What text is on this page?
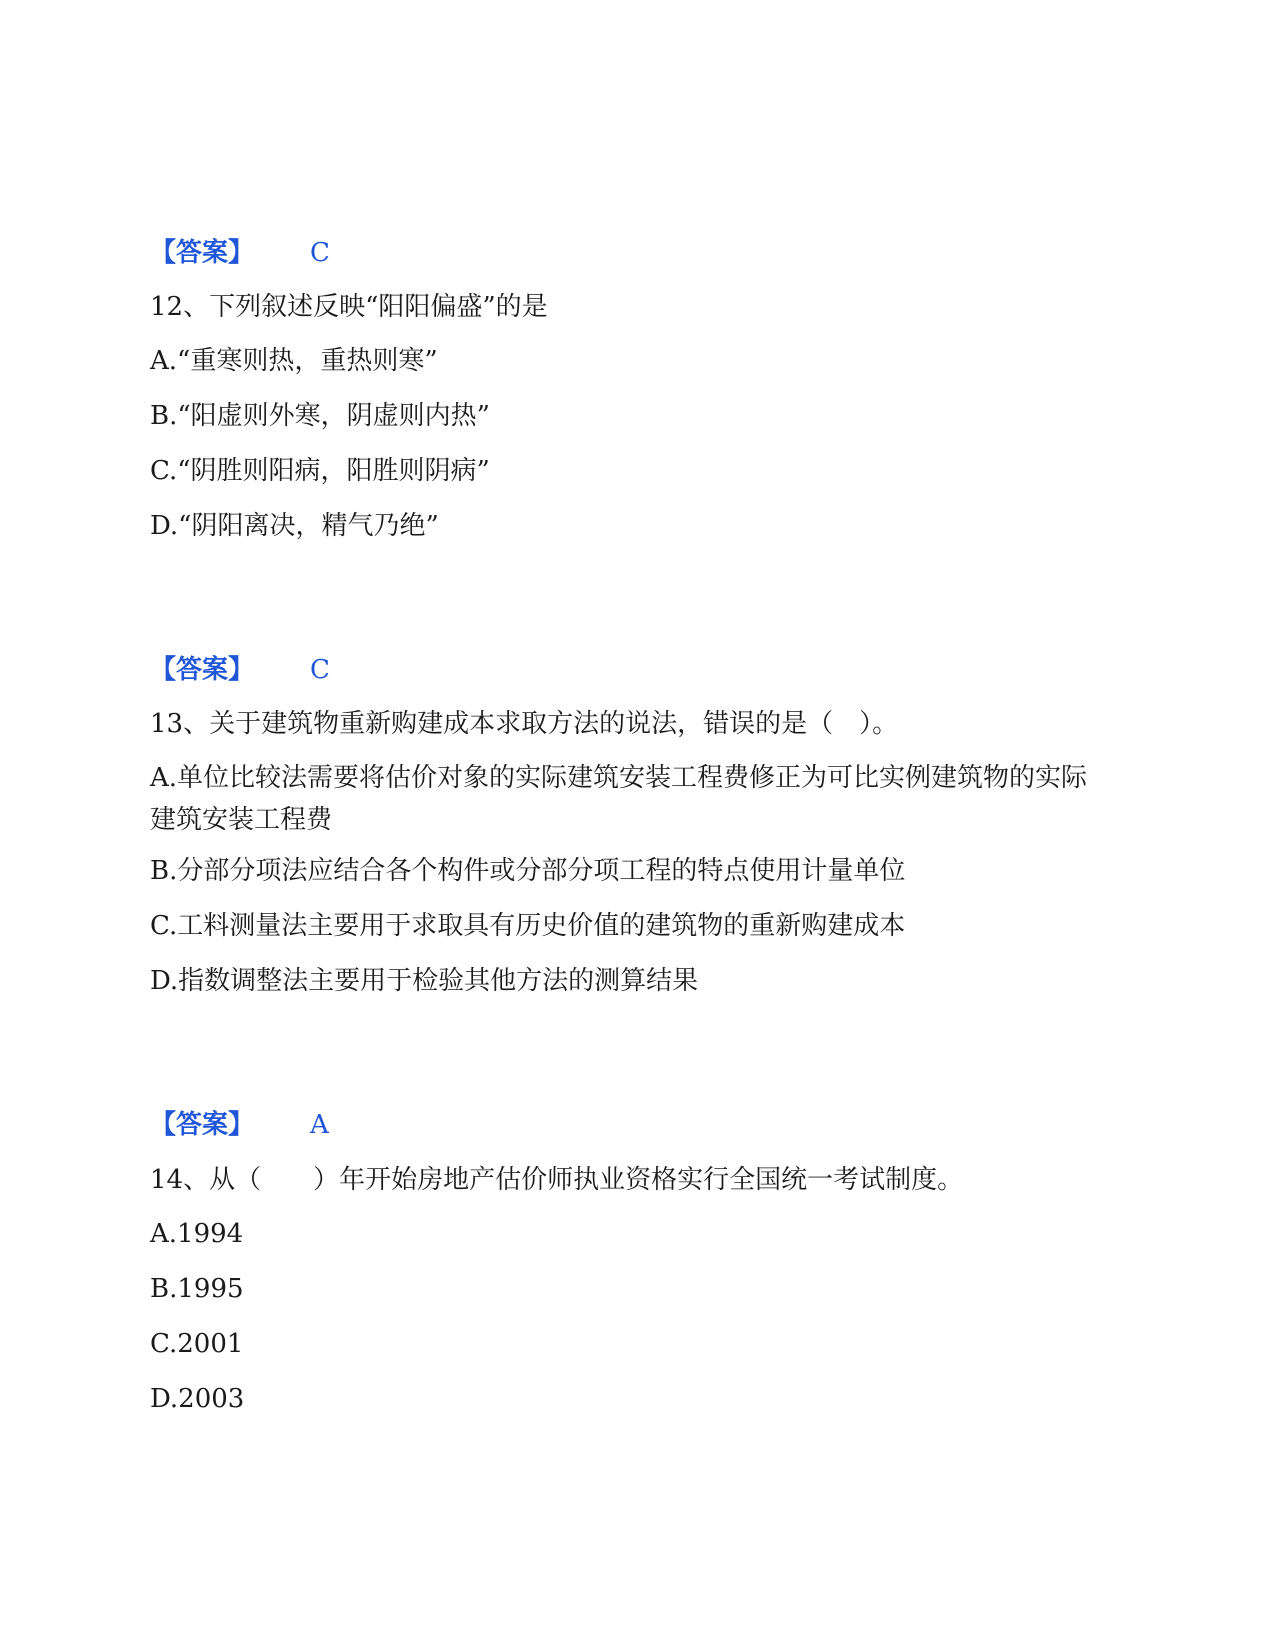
【答案】 C
12、下列叙述反映“阳阳偏盛”的是
A.“重寒则热，重热则寒”
B.“阳虚则外寒，阴虚则内热”
C.“阴胜则阳病，阳胜则阴病”
D.“阴阳离决，精气乃绝”
【答案】 C
13、关于建筑物重新购建成本求取方法的说法，错误的是（　）。
A.单位比较法需要将估价对象的实际建筑安装工程费修正为可比实例建筑物的实际建筑安装工程费
B.分部分项法应结合各个构件或分部分项工程的特点使用计量单位
C.工料测量法主要用于求取具有历史价值的建筑物的重新购建成本
D.指数调整法主要用于检验其他方法的测算结果
【答案】 A
14、从（　　）年开始房地产估价师执业资格实行全国统一考试制度。
A.1994
B.1995
C.2001
D.2003
